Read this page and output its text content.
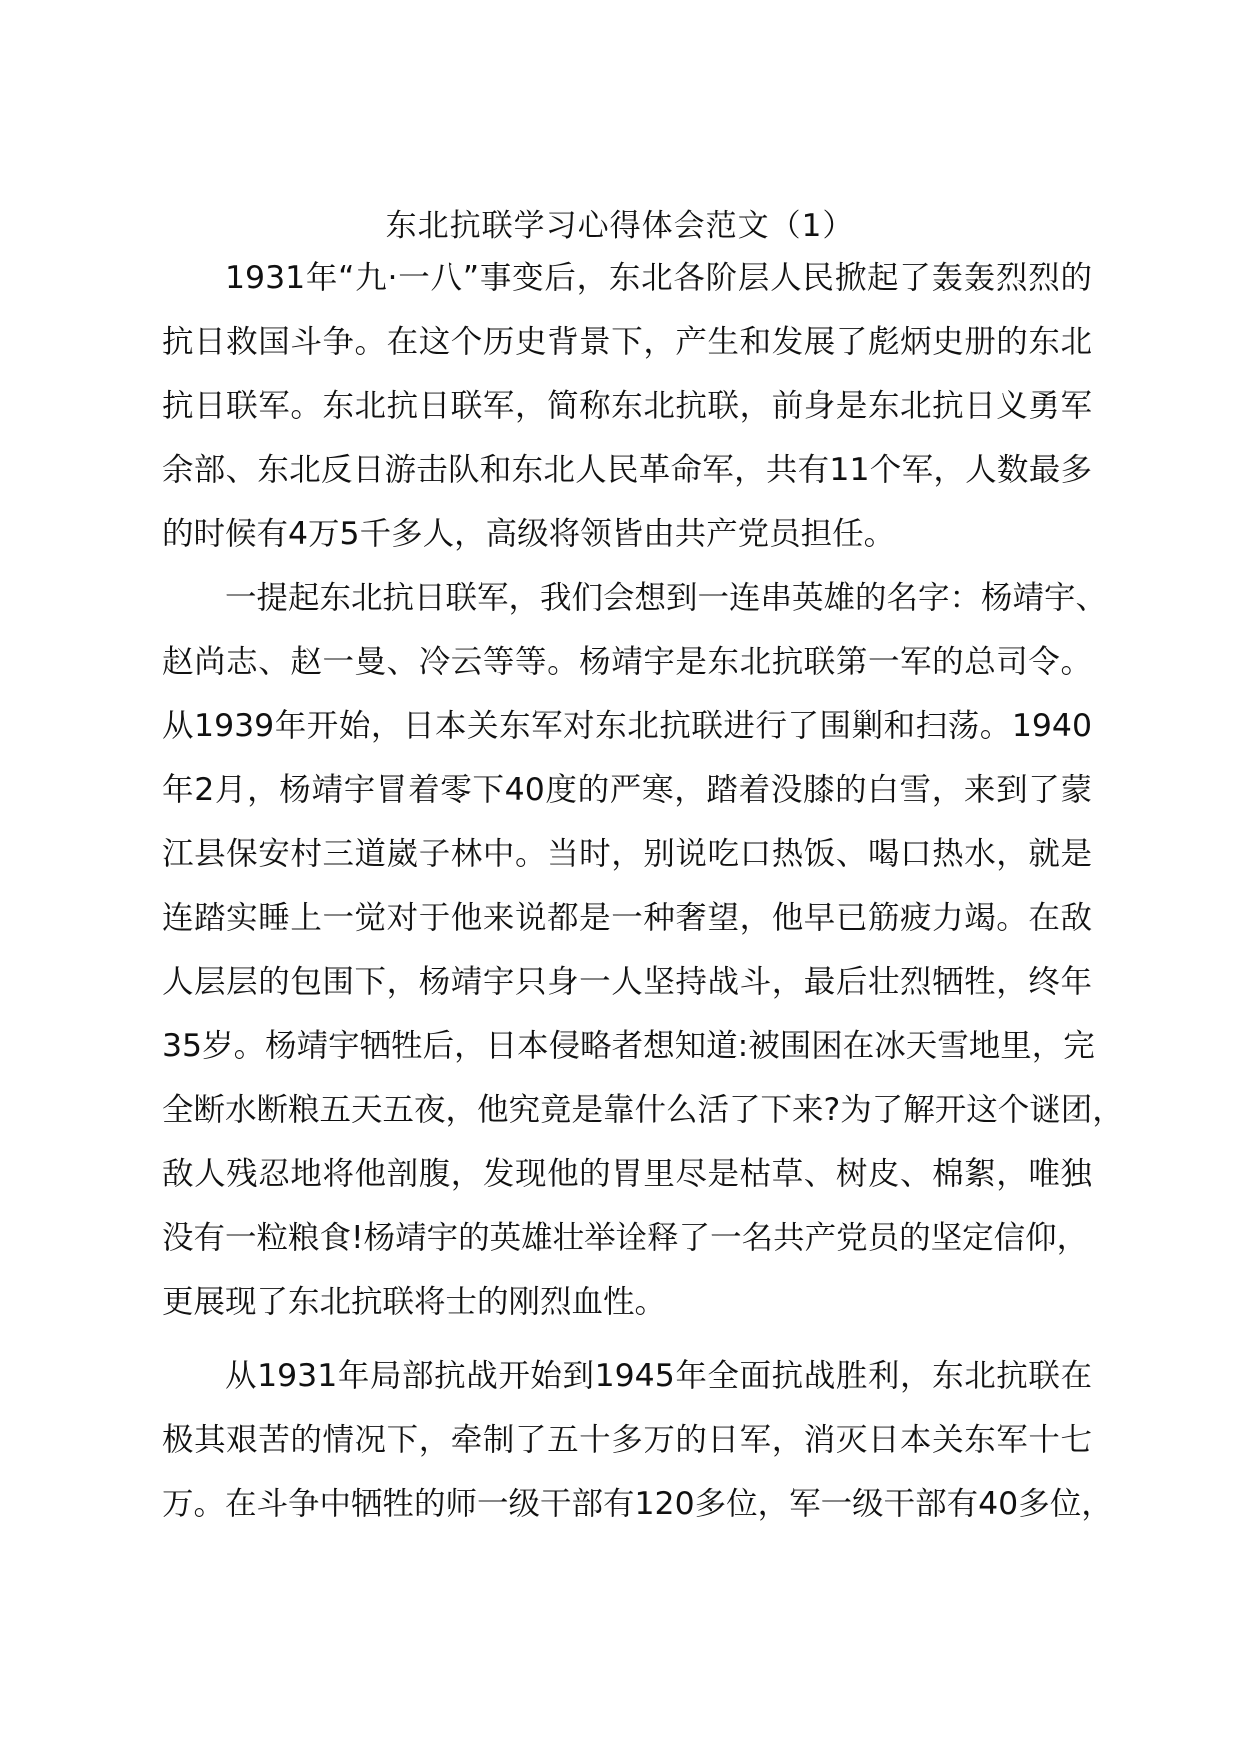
东北抗联学习心得体会范文（1）
1931年“九·一八”事变后，东北各阶层人民掀起了轰轰烈烈的
抗日救国斗争。在这个历史背景下，产生和发展了彪炳史册的东北
抗日联军。东北抗日联军，简称东北抗联，前身是东北抗日义勇军
余部、东北反日游击队和东北人民革命军，共有11个军，人数最多
的时候有4万5千多人，高级将领皆由共产党员担任。
一提起东北抗日联军，我们会想到一连串英雄的名字：杨靖宇、
赵尚志、赵一曼、冷云等等。杨靖宇是东北抗联第一军的总司令。
从1939年开始，日本关东军对东北抗联进行了围剿和扫荡。1940
年2月，杨靖宇冒着零下40度的严寒，踏着没膝的白雪，来到了蒙
江县保安村三道崴子林中。当时，别说吃口热饭、喝口热水，就是
连踏实睡上一觉对于他来说都是一种奢望，他早已筋疲力竭。在敌
人层层的包围下，杨靖宇只身一人坚持战斗，最后壮烈牺牲，终年
35岁。杨靖宇牺牲后，日本侵略者想知道:被围困在冰天雪地里，完
全断水断粮五天五夜，他究竟是靠什么活了下来?为了解开这个谜团，
敌人残忍地将他剖腹，发现他的胃里尽是枯草、树皮、棉絮，唯独
没有一粒粮食!杨靖宇的英雄壮举诠释了一名共产党员的坚定信仰，
更展现了东北抗联将士的刚烈血性。
从1931年局部抗战开始到1945年全面抗战胜利，东北抗联在
极其艰苦的情况下，牵制了五十多万的日军，消灭日本关东军十七
万。在斗争中牺牲的师一级干部有120多位，军一级干部有40多位，
